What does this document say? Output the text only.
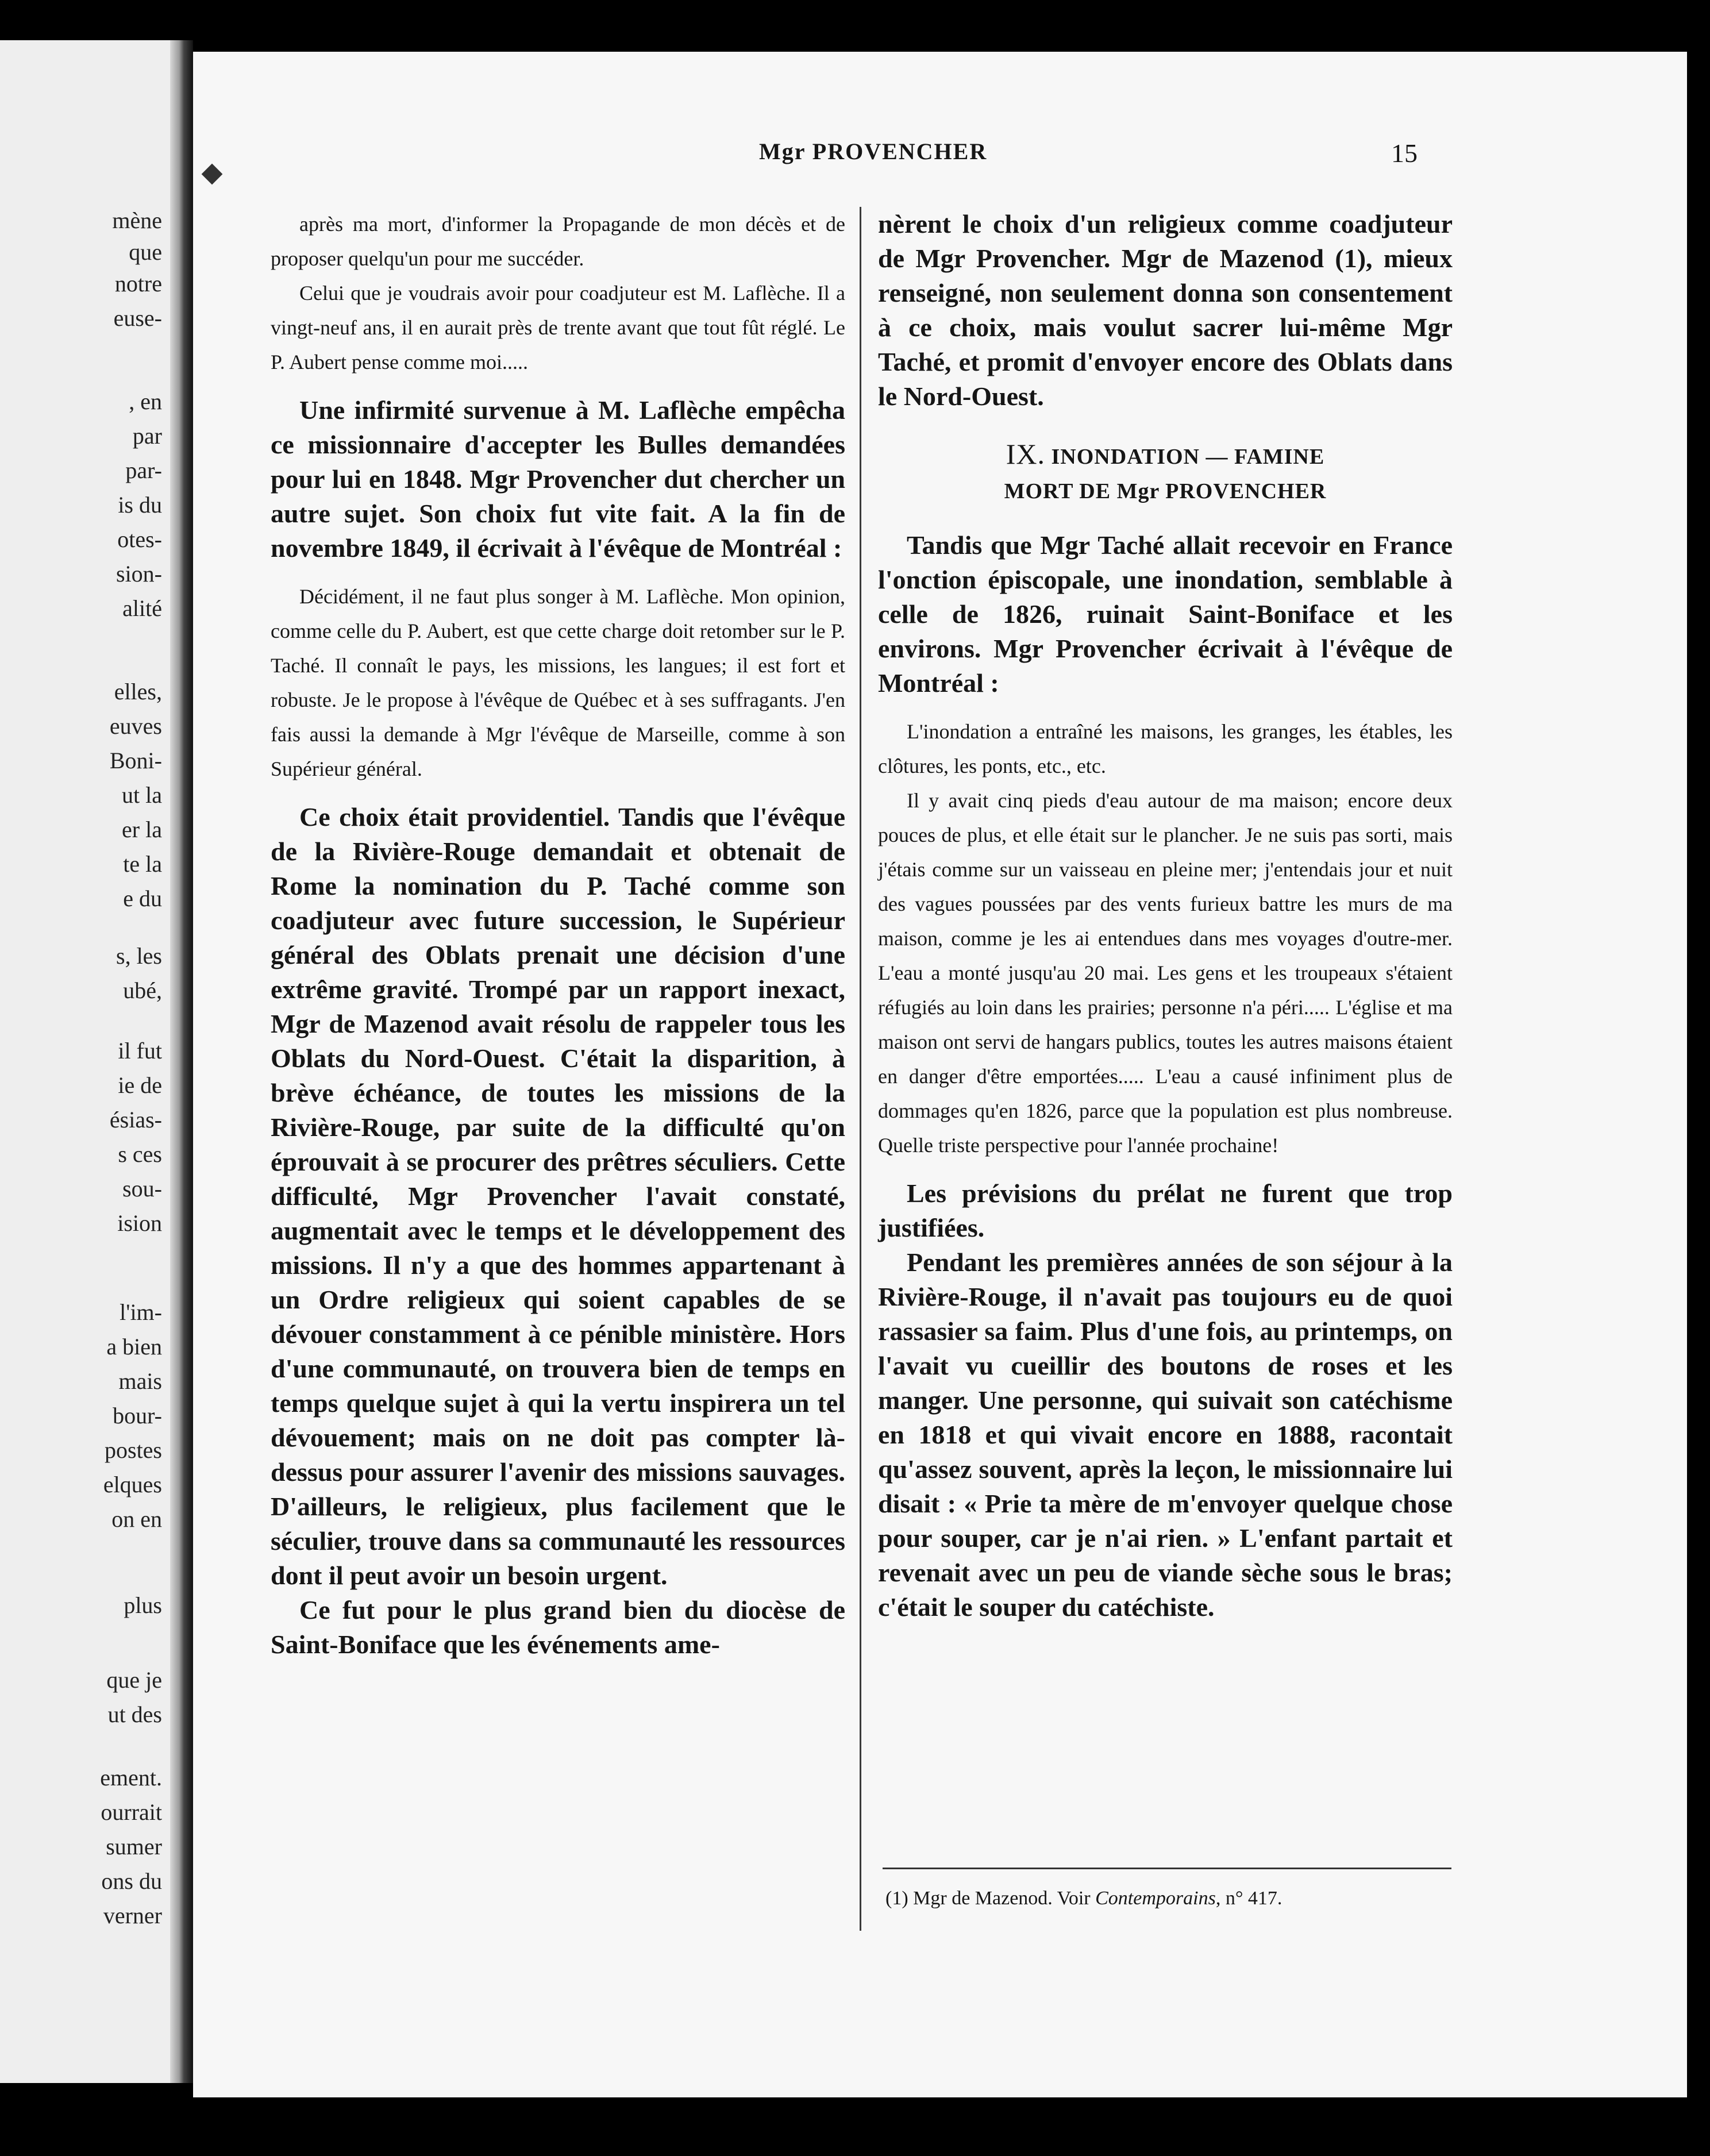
mène
que
notre
euse-
, en
par
par-
is du
otes-
sion-
alité
elles,
euves
Boni-
ut la
er la
te la
e du
s, les
ubé,
il fut
ie de
ésias-
s ces
sou-
ision
l'im-
a bien
mais
bour-
postes
elques
on en
plus
que je
ut des
ement.
ourrait
sumer
ons du
verner
Mgr PROVENCHER	15

après ma mort, d'informer la Propagande de mon décès et de proposer quelqu'un pour me succéder.

Celui que je voudrais avoir pour coadjuteur est M. Laflèche. Il a vingt-neuf ans, il en aurait près de trente avant que tout fût réglé. Le P. Aubert pense comme moi.....

Une infirmité survenue à M. Laflèche empêcha ce missionnaire d'accepter les Bulles demandées pour lui en 1848. Mgr Provencher dut chercher un autre sujet. Son choix fut vite fait. A la fin de novembre 1849, il écrivait à l'évêque de Montréal :

Décidément, il ne faut plus songer à M. Laflèche. Mon opinion, comme celle du P. Aubert, est que cette charge doit retomber sur le P. Taché. Il connaît le pays, les missions, les langues; il est fort et robuste. Je le propose à l'évêque de Québec et à ses suffragants. J'en fais aussi la demande à Mgr l'évêque de Marseille, comme à son Supérieur général.

Ce choix était providentiel. Tandis que l'évêque de la Rivière-Rouge demandait et obtenait de Rome la nomination du P. Taché comme son coadjuteur avec future succession, le Supérieur général des Oblats prenait une décision d'une extrême gravité. Trompé par un rapport inexact, Mgr de Mazenod avait résolu de rappeler tous les Oblats du Nord-Ouest. C'était la disparition, à brève échéance, de toutes les missions de la Rivière-Rouge, par suite de la difficulté qu'on éprouvait à se procurer des prêtres séculiers. Cette difficulté, Mgr Provencher l'avait constaté, augmentait avec le temps et le développement des missions. Il n'y a que des hommes appartenant à un Ordre religieux qui soient capables de se dévouer constamment à ce pénible ministère. Hors d'une communauté, on trouvera bien de temps en temps quelque sujet à qui la vertu inspirera un tel dévouement; mais on ne doit pas compter là-dessus pour assurer l'avenir des missions sauvages. D'ailleurs, le religieux, plus facilement que le séculier, trouve dans sa communauté les ressources dont il peut avoir un besoin urgent.

Ce fut pour le plus grand bien du diocèse de Saint-Boniface que les événements ame-

nèrent le choix d'un religieux comme coadjuteur de Mgr Provencher. Mgr de Mazenod (1), mieux renseigné, non seulement donna son consentement à ce choix, mais voulut sacrer lui-même Mgr Taché, et promit d'envoyer encore des Oblats dans le Nord-Ouest.

IX. INONDATION — FAMINE
MORT DE Mgr PROVENCHER

Tandis que Mgr Taché allait recevoir en France l'onction épiscopale, une inondation, semblable à celle de 1826, ruinait Saint-Boniface et les environs. Mgr Provencher écrivait à l'évêque de Montréal :

L'inondation a entraîné les maisons, les granges, les étables, les clôtures, les ponts, etc., etc.

Il y avait cinq pieds d'eau autour de ma maison; encore deux pouces de plus, et elle était sur le plancher. Je ne suis pas sorti, mais j'étais comme sur un vaisseau en pleine mer; j'entendais jour et nuit des vagues poussées par des vents furieux battre les murs de ma maison, comme je les ai entendues dans mes voyages d'outre-mer. L'eau a monté jusqu'au 20 mai. Les gens et les troupeaux s'étaient réfugiés au loin dans les prairies; personne n'a péri..... L'église et ma maison ont servi de hangars publics, toutes les autres maisons étaient en danger d'être emportées..... L'eau a causé infiniment plus de dommages qu'en 1826, parce que la population est plus nombreuse. Quelle triste perspective pour l'année prochaine!

Les prévisions du prélat ne furent que trop justifiées.

Pendant les premières années de son séjour à la Rivière-Rouge, il n'avait pas toujours eu de quoi rassasier sa faim. Plus d'une fois, au printemps, on l'avait vu cueillir des boutons de roses et les manger. Une personne, qui suivait son catéchisme en 1818 et qui vivait encore en 1888, racontait qu'assez souvent, après la leçon, le missionnaire lui disait : « Prie ta mère de m'envoyer quelque chose pour souper, car je n'ai rien. » L'enfant partait et revenait avec un peu de viande sèche sous le bras; c'était le souper du catéchiste.

(1) Mgr de Mazenod. Voir Contemporains, n° 417.
